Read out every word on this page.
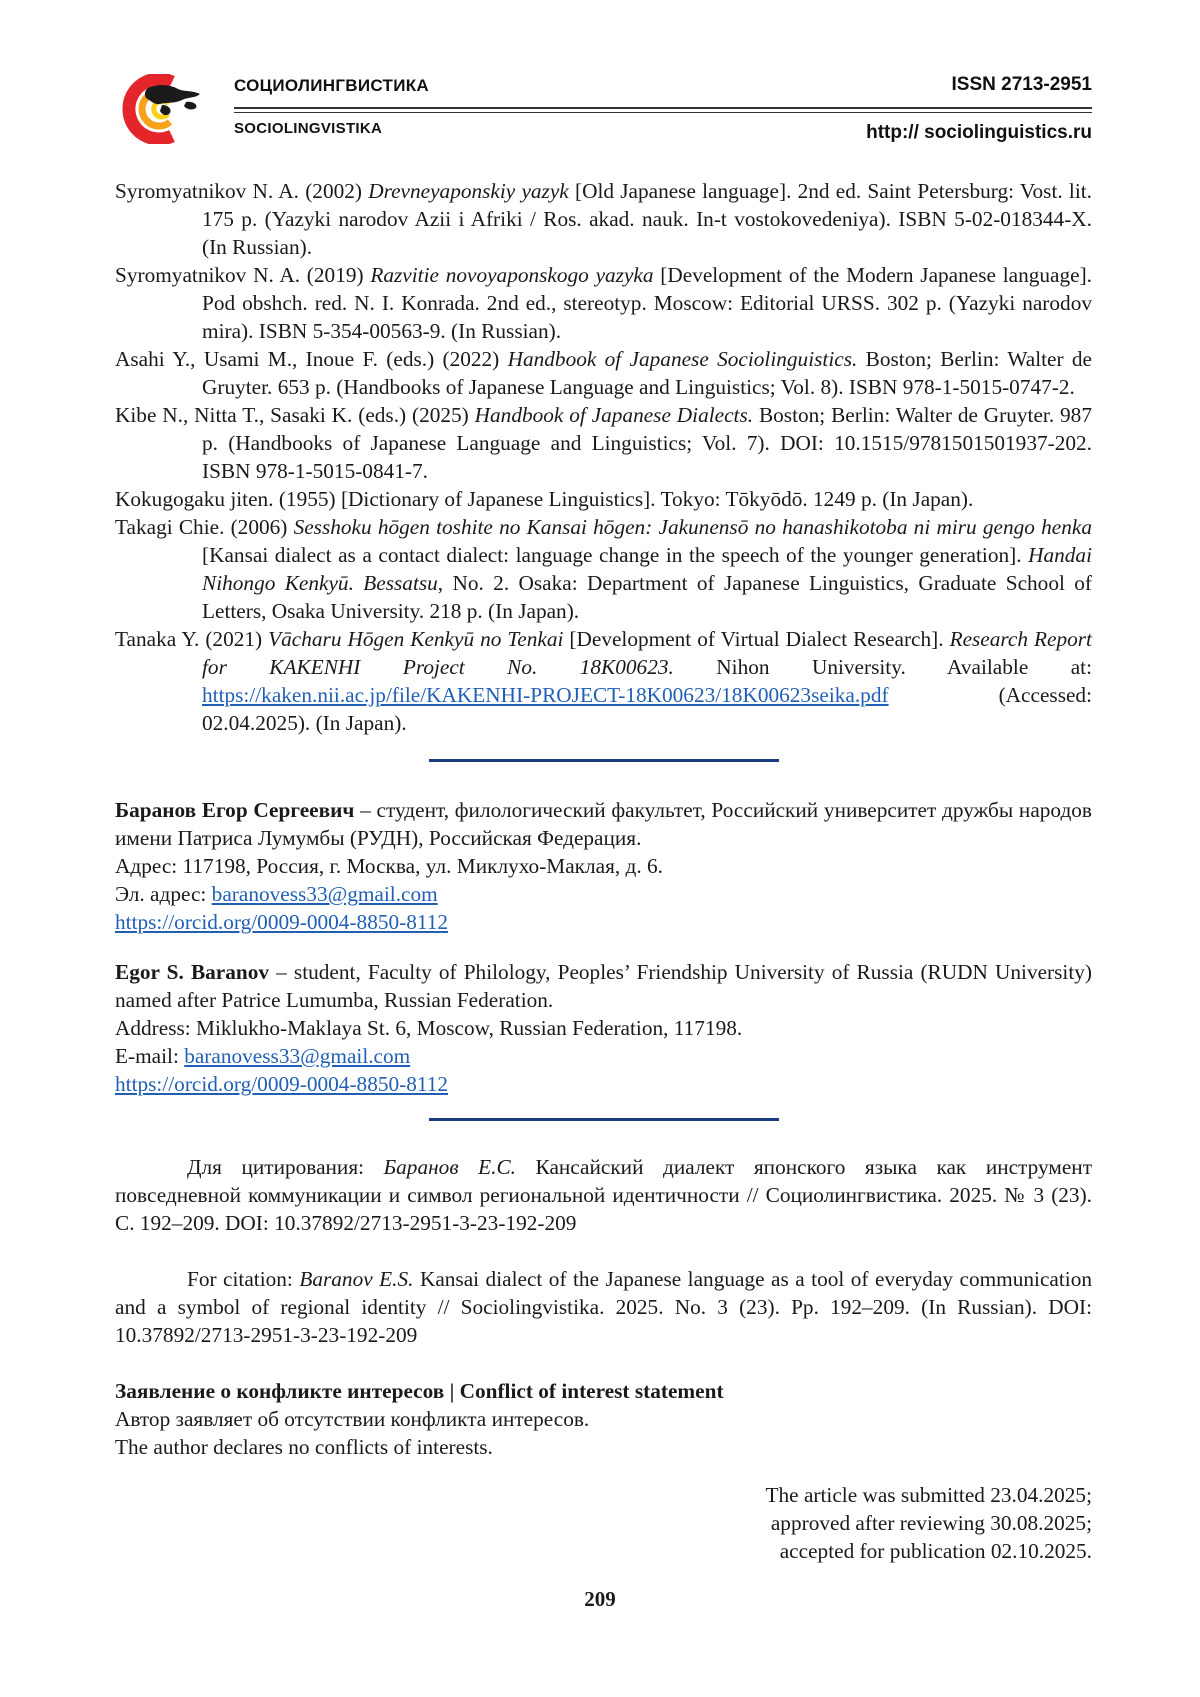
СОЦИОЛИНГВИСТИКА
SOCIOLINGVISTIKA
ISSN 2713-2951
http:// sociolinguistics.ru

Syromyatnikov N. A. (2002) Drevneyaponskiy yazyk [Old Japanese language]. 2nd ed. Saint Petersburg: Vost. lit. 175 p. (Yazyki narodov Azii i Afriki / Ros. akad. nauk. In-t vostokovedeniya). ISBN 5-02-018344-X. (In Russian).

Syromyatnikov N. A. (2019) Razvitie novoyaponskogo yazyka [Development of the Modern Japanese language]. Pod obshch. red. N. I. Konrada. 2nd ed., stereotyp. Moscow: Editorial URSS. 302 p. (Yazyki narodov mira). ISBN 5-354-00563-9. (In Russian).

Asahi Y., Usami M., Inoue F. (eds.) (2022) Handbook of Japanese Sociolinguistics. Boston; Berlin: Walter de Gruyter. 653 p. (Handbooks of Japanese Language and Linguistics; Vol. 8). ISBN 978-1-5015-0747-2.

Kibe N., Nitta T., Sasaki K. (eds.) (2025) Handbook of Japanese Dialects. Boston; Berlin: Walter de Gruyter. 987 p. (Handbooks of Japanese Language and Linguistics; Vol. 7). DOI: 10.1515/9781501501937-202. ISBN 978-1-5015-0841-7.

Kokugogaku jiten. (1955) [Dictionary of Japanese Linguistics]. Tokyo: Tōkyōdō. 1249 p. (In Japan).

Takagi Chie. (2006) Sesshoku hōgen toshite no Kansai hōgen: Jakunensō no hanashikotoba ni miru gengo henka [Kansai dialect as a contact dialect: language change in the speech of the younger generation]. Handai Nihongo Kenkyū. Bessatsu, No. 2. Osaka: Department of Japanese Linguistics, Graduate School of Letters, Osaka University. 218 p. (In Japan).

Tanaka Y. (2021) Vācharu Hōgen Kenkyū no Tenkai [Development of Virtual Dialect Research]. Research Report for KAKENHI Project No. 18K00623. Nihon University. Available at: https://kaken.nii.ac.jp/file/KAKENHI-PROJECT-18K00623/18K00623seika.pdf (Accessed: 02.04.2025). (In Japan).

Баранов Егор Сергеевич – студент, филологический факультет, Российский университет дружбы народов имени Патриса Лумумбы (РУДН), Российская Федерация.

Адрес: 117198, Россия, г. Москва, ул. Миклухо-Маклая, д. 6.

Эл. адрес: baranovess33@gmail.com

https://orcid.org/0009-0004-8850-8112

Egor S. Baranov – student, Faculty of Philology, Peoples’ Friendship University of Russia (RUDN University) named after Patrice Lumumba, Russian Federation.

Address: Miklukho-Maklaya St. 6, Moscow, Russian Federation, 117198.

E-mail: baranovess33@gmail.com

https://orcid.org/0009-0004-8850-8112

Для цитирования: Баранов Е.С. Кансайский диалект японского языка как инструмент повседневной коммуникации и символ региональной идентичности // Социолингвистика. 2025. № 3 (23). С. 192–209. DOI: 10.37892/2713-2951-3-23-192-209

For citation: Baranov E.S. Kansai dialect of the Japanese language as a tool of everyday communication and a symbol of regional identity // Sociolingvistika. 2025. No. 3 (23). Pp. 192–209. (In Russian). DOI: 10.37892/2713-2951-3-23-192-209

Заявление о конфликте интересов | Conflict of interest statement

Автор заявляет об отсутствии конфликта интересов.

The author declares no conflicts of interests.

The article was submitted 23.04.2025;

approved after reviewing 30.08.2025;

accepted for publication 02.10.2025.

209
